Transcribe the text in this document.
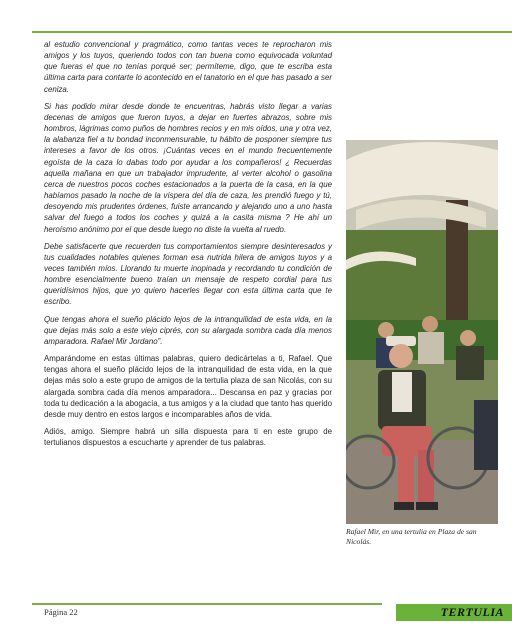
al estudio convencional y pragmático, como tantas veces te reprocharon mis amigos y los tuyos, queriendo todos con tan buena como equivocada voluntad que fueras el que no tenías porqué ser; permíteme, digo, que te escriba esta última carta para contarte lo acontecido en el tanatorio en el que has pasado a ser ceniza.

Si has podido mirar desde donde te encuentras, habrás visto llegar a varias decenas de amigos que fueron tuyos, a dejar en fuertes abrazos, sobre mis hombros, lágrimas como puños de hombres recios y en mis oídos, una y otra vez, la alabanza fiel a tu bondad inconmensurable, tu hábito de posponer siempre tus intereses a favor de los otros. ¡Cuántas veces en el mundo frecuentemente egoísta de la caza lo dabas todo por ayudar a los compañeros! ¿ Recuerdas aquella mañana en que un trabajador imprudente, al verter alcohol o gasolina cerca de nuestros pocos coches estacionados a la puerta de la casa, en la que habíamos pasado la noche de la víspera del día de caza, les prendió fuego y tú, desoyendo mis prudentes órdenes, fuiste arrancando y alejando uno a uno hasta salvar del fuego a todos los coches y quizá a la casita misma ? He ahí un heroísmo anónimo por el que desde luego no diste la vuelta al ruedo.

Debe satisfacerte que recuerden tus comportamientos siempre desinteresados y tus cualidades notables quienes forman esa nutrida hilera de amigos tuyos y a veces también míos. Llorando tu muerte inopinada y recordando tu condición de hombre esencialmente bueno traían un mensaje de respeto cordial para tus queridísimos hijos, que yo quiero hacerles llegar con esta última carta que te escribo.

Que tengas ahora el sueño plácido lejos de la intranquilidad de esta vida, en la que dejas más solo a este viejo ciprés, con su alargada sombra cada día menos amparadora. Rafael Mir Jordano”.

Amparándome en estas últimas palabras, quiero dedicártelas a ti, Rafael. Que tengas ahora el sueño plácido lejos de la intranquilidad de esta vida, en la que dejas más solo a este grupo de amigos de la tertulia plaza de san Nicolás, con su alargada sombra cada día menos amparadora... Descansa en paz y gracias por toda tu dedicación a la abogacía, a tus amigos y a la ciudad que tanto has querido desde muy dentro en estos largos e incomparables años de vida.

Adiós, amigo. Siempre habrá un silla dispuesta para ti en este grupo de tertulianos dispuestos a escucharte y aprender de tus palabras.

Rafael Mir, en una tertulia en Plaza de san Nicolás.
Página 22	TERTULIA
